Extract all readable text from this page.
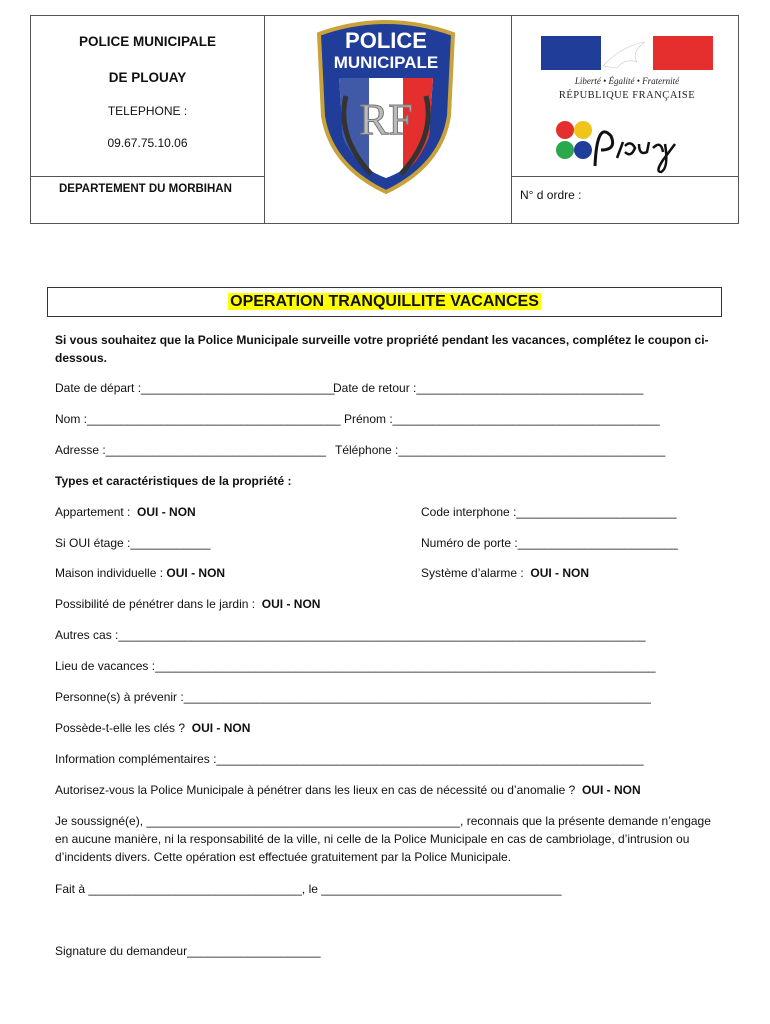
POLICE MUNICIPALE
DE PLOUAY
TELEPHONE :
09.67.75.10.06
DEPARTEMENT DU MORBIHAN
POLICE
MUNICIPALE
RF
Liberté • Égalité • Fraternité
RÉPUBLIQUE FRANÇAISE
N° d ordre :
OPERATION TRANQUILLITE VACANCES
Si vous souhaitez que la Police Municipale surveille votre propriété pendant les vacances, complétez le coupon ci-dessous.
Date de départ :_____________________________
Date de retour :__________________________________
Nom :______________________________________ Prénom :________________________________________
Adresse :_________________________________ Téléphone :________________________________________
Types et caractéristiques de la propriété :
Appartement : OUI - NON	Code interphone :________________________
Si OUI étage :____________	Numéro de porte :________________________
Maison individuelle : OUI - NON	Système d’alarme : OUI - NON
Possibilité de pénétrer dans le jardin : OUI - NON
Autres cas :_______________________________________________________________________________
Lieu de vacances :___________________________________________________________________________
Personne(s) à prévenir :______________________________________________________________________
Possède-t-elle les clés ? OUI - NON
Information complémentaires :________________________________________________________________
Autorisez-vous la Police Municipale à pénétrer dans les lieux en cas de nécessité ou d’anomalie ? OUI - NON
Je soussigné(e), _______________________________________________, reconnais que la présente demande n’engage en aucune manière, ni la responsabilité de la ville, ni celle de la Police Municipale en cas de cambriolage, d’intrusion ou d’incidents divers. Cette opération est effectuée gratuitement par la Police Municipale.
Fait à ________________________________, le ____________________________________
Signature du demandeur____________________
